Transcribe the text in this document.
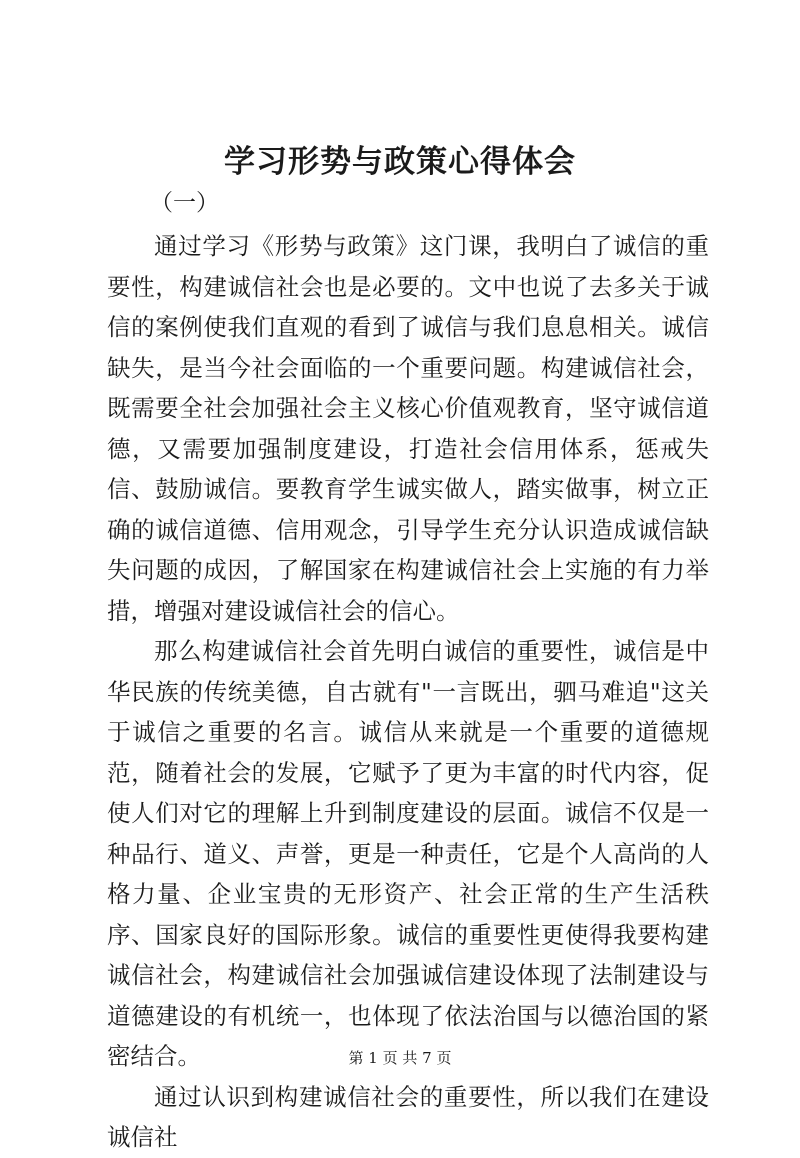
学习形势与政策心得体会

（一）

通过学习《形势与政策》这门课，我明白了诚信的重要性，构建诚信社会也是必要的。文中也说了去多关于诚信的案例使我们直观的看到了诚信与我们息息相关。诚信缺失，是当今社会面临的一个重要问题。构建诚信社会，既需要全社会加强社会主义核心价值观教育，坚守诚信道德，又需要加强制度建设，打造社会信用体系，惩戒失信、鼓励诚信。要教育学生诚实做人，踏实做事，树立正确的诚信道德、信用观念，引导学生充分认识造成诚信缺失问题的成因，了解国家在构建诚信社会上实施的有力举措，增强对建设诚信社会的信心。

那么构建诚信社会首先明白诚信的重要性，诚信是中华民族的传统美德，自古就有"一言既出，驷马难追"这关于诚信之重要的名言。诚信从来就是一个重要的道德规范，随着社会的发展，它赋予了更为丰富的时代内容，促使人们对它的理解上升到制度建设的层面。诚信不仅是一种品行、道义、声誉，更是一种责任，它是个人高尚的人格力量、企业宝贵的无形资产、社会正常的生产生活秩序、国家良好的国际形象。诚信的重要性更使得我要构建诚信社会，构建诚信社会加强诚信建设体现了法制建设与道德建设的有机统一，也体现了依法治国与以德治国的紧密结合。

通过认识到构建诚信社会的重要性，所以我们在建设诚信社

第 1 页 共 7 页
